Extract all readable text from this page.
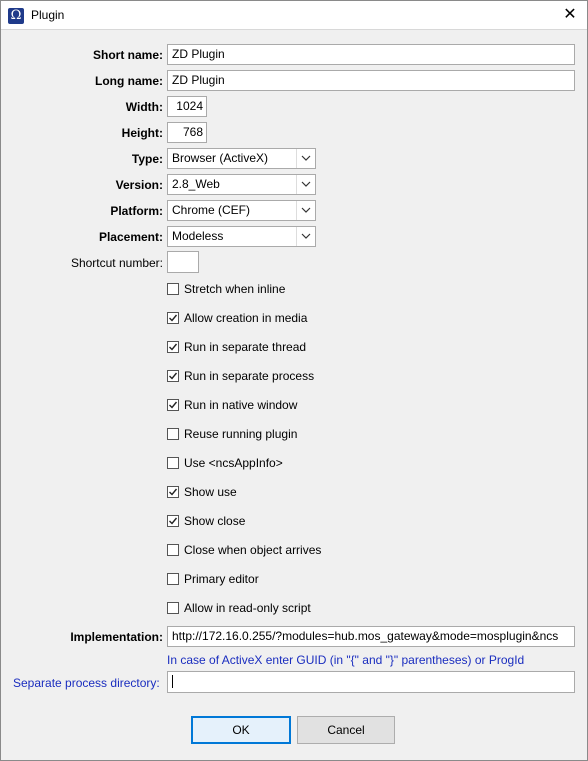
Ω Plugin	✕
Short name: ZD Plugin
Long name: ZD Plugin
Width:	1024
Height:	768
Type: Browser (ActiveX)
Version: 2.8_Web
Platform: Chrome (CEF)
Placement: Modeless
Shortcut number:
Stretch when inline
Allow creation in media
Run in separate thread
Run in separate process
Run in native window
Reuse running plugin
Use <ncsAppInfo>
Show use
Show close
Close when object arrives
Primary editor
Allow in read-only script
Implementation: http://172.16.0.255/?modules=hub.mos_gateway&mode=mosplugin&ncs
In case of ActiveX enter GUID (in "{" and "}" parentheses) or ProgId
Separate process directory:
OK	Cancel
